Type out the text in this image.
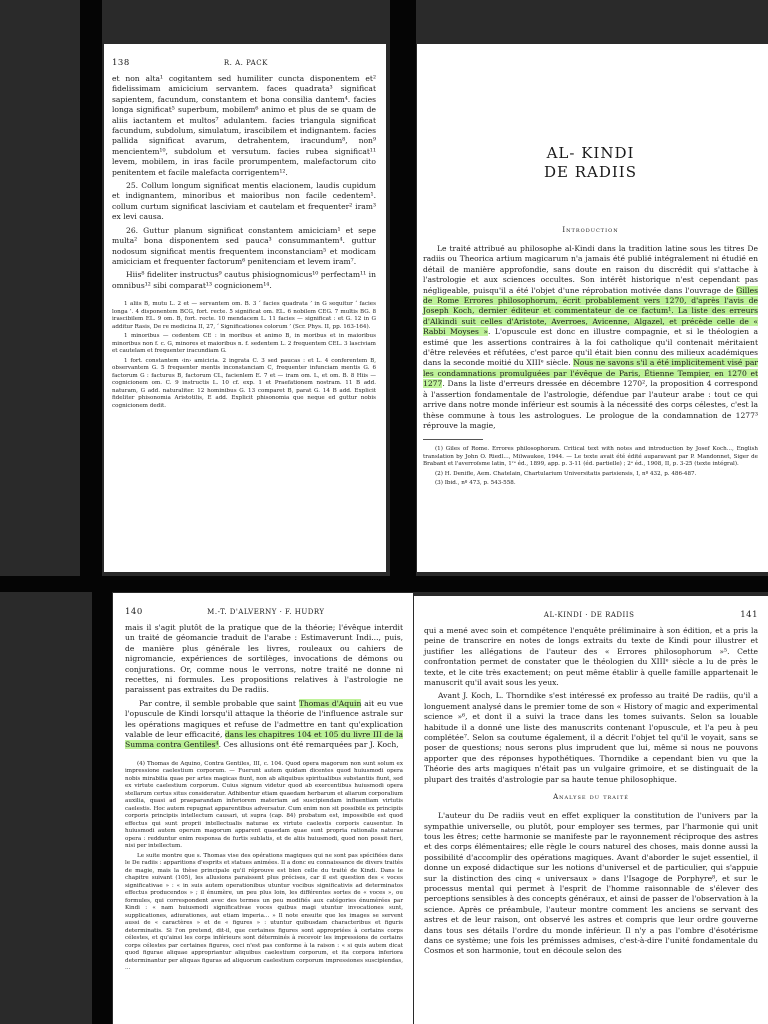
138	R. A. PACK

et non alta¹ cogitantem sed humiliter cuncta disponentem et² fidelissimam amicicium servantem. faces quadrata³ significat sapientem, facundum, constantem et bona consilia dantem⁴. facies longa significat⁵ superbum, mobilem⁶ animo et plus de se quam de aliis iactantem et multos⁷ adulantem. facies triangula significat facundum, subdolum, simulatum, irascibilem et indignantem. facies pallida significat avarum, detrahentem, iracundum⁸, non⁹ mencientem¹⁰, subdolum et versutum. facies rubea significat¹¹ levem, mobilem, in iras facile prorumpentem, malefactorum cito penitentem et facile malefacta corrigentem¹².

25. Collum longum significat mentis elacionem, laudis cupidum et indignantem, minoribus et maioribus non facile cedentem¹. collum curtum significat lasciviam et cautelam et frequenter² iram³ ex levi causa.

26. Guttur planum significat constantem amiciciam¹ et sepe multa² bona disponentem sed pauca³ consummantem⁴. guttur nodosum significat mentis frequentem inconstanciam⁵ et modicam amiciciam et frequenter factorum⁶ penitenciam et levem iram⁷.

Hiis⁸ fideliter instructus⁹ cautus phisiognomicus¹⁰ perfectam¹¹ in omnibus¹² sibi comparat¹³ cognicionem¹⁴.

1 aliis B, mutu L. 2 et — servantem om. B. 3 ‘ facies quadrata ’ in G sequitur ‘ facies longa ’. 4 disponentem BCG, fort. recte. 5 significat om. EL. 6 nobilem CEG. 7 multis BG. 8 irascibilem EL. 9 om. B, fort. recte. 10 mendacem L. 11 facies — significat : et G. 12 in G additur Rasis, De re medicina II, 27, ‘ Significationes colorum ’ (Scr. Phys. II, pp. 163-164).

1 minoribus — cedentem CE : in moribus et animo B, in moribus et in maioribus minoribus non f. c. G, minores et maioribus n. f. sedentem L. 2 frequentem CEL. 3 lasciviam et cautelam et frequenter iracundiam G.

1 fort. constantem ‹in› amicicia. 2 ingrata C. 3 sed paucas : et L. 4 conferentem B, observantem G. 5 frequenter mentis inconstanciam C, frequenter infunciam mentis G. 6 factorum G : facturus B, factorum CL, facienlem E. 7 et — iram om. L, et om. B. 8 Hiis — cognicionem om. C. 9 instructis L. 10 cf. exp. 1 et Praefationem nostram. 11 B add. naturam, G add. naturaliter. 12 hominibus G. 13 comparet B, parat G. 14 B add. Explicit fideliter phisonomia Aristotilis, E add. Explicit phisonomia que neque ed guttur nobis cognicionem dedit.

AL- KINDI
DE RADIIS
Introduction

Le traité attribué au philosophe al-Kindi dans la tradition latine sous les titres De radiis ou Theorica artium magicarum n'a jamais été publié intégralement ni étudié en détail de manière approfondie, sans doute en raison du discrédit qui s'attache à l'astrologie et aux sciences occultes. Son intérêt historique n'est cependant pas négligeable, puisqu'il a été l'objet d'une réprobation motivée dans l'ouvrage de Gilles de Rome Errores philosophorum, écrit probablement vers 1270, d'après l'avis de Joseph Koch, dernier éditeur et commentateur de ce factum¹. La liste des erreurs d'Alkindi suit celles d'Aristote, Averroes, Avicenne, Algazel, et précède celle de « Rabbi Moyses ». L'opuscule est donc en illustre compagnie, et si le théologien a estimé que les assertions contraires à la foi catholique qu'il contenait méritaient d'être relevées et réfutées, c'est parce qu'il était bien connu des milieux académiques dans la seconde moitié du XIIIᵉ siècle. Nous ne savons s'il a été implicitement visé par les condamnations promulguées par l'évêque de Paris, Étienne Tempier, en 1270 et 1277. Dans la liste d'erreurs dressée en décembre 1270², la proposition 4 correspond à l'assertion fondamentale de l'astrologie, défendue par l'auteur arabe : tout ce qui arrive dans notre monde inférieur est soumis à la nécessité des corps célestes, c'est la thèse commune à tous les astrologues. Le prologue de la condamnation de 1277³ réprouve la magie,

(1) Giles of Rome. Errores philosophorum. Critical text with notes and introduction by Josef Koch..., English translation by John O. Riedl..., Milwaukee, 1944. — Le texte avait été édité auparavant par P. Mandonnet, Siger de Brabant et l'averroïsme latin, 1ʳᵉ éd., 1899, app. p. 3-11 (éd. partielle) ; 2ᵉ éd., 1908, II, p. 3-25 (texte intégral).

(2) H. Denifle, Aem. Chatelain, Chartularium Universitatis parisiensis, I, nº 432, p. 486-487.

(3) Ibid., nº 473, p. 543-558.

140	M.-T. D'ALVERNY · F. HUDRY

mais il s'agit plutôt de la pratique que de la théorie; l'évêque interdit un traité de géomancie traduit de l'arabe : Estimaverunt Indi..., puis, de manière plus générale les livres, rouleaux ou cahiers de nigromancie, expériences de sortilèges, invocations de démons ou conjurations. Or, comme nous le verrons, notre traité ne donne ni recettes, ni formules. Les propositions relatives à l'astrologie ne paraissent pas extraites du De radiis.

Par contre, il semble probable que saint Thomas d'Aquin ait eu vue l'opuscule de Kindi lorsqu'il attaque la théorie de l'influence astrale sur les opérations magiques et refuse de l'admettre en tant qu'explication valable de leur efficacité, dans les chapitres 104 et 105 du livre III de la Summa contra Gentiles⁴. Ces allusions ont été remarquées par J. Koch,

(4) Thomas de Aquino, Contra Gentiles, III, c. 104. Quod opera magorum non sunt solum ex impressione caelestium corporum. — Fuerunt autem quidam dicentes quod huiusmodi opera nobis mirabilia quae per artes magicas fiunt, non ab aliquibus spiritualibus substantiis fiunt, sed ex virtute caelestium corporum. Cuius signum videtur quod ab exercentibus huiusmodi opera stellarum certus situs consideratur. Adhibentur etiam quaedam herbarum et aliarum corporalium auxilia, quasi ad praeparandam inferiorem materiam ad suscipiendam influentiam virtutis caelestis. Hoc autem repugnat apparentibus adversatur. Cum enim non sit possibile ex principiis corporis principiis intellectum causari, ut supra (cap. 84) probatum est, impossibile est quod effectus qui sunt proprii intellectualis naturae ex virtute caelestis corporis causentur. In huiusmodi autem operum magorum apparent quaedam quae sunt propria rationalis naturae opera : redduntur enim responsa de furtis sublatis, et de aliis huiusmodi, quod non possit fieri, nisi per intellectum.

Le suite montre que s. Thomas vise des opérations magiques qui ne sont pas spécifiées dans le De radiis : apparitions d'esprits et statues animées. Il a donc eu connaissance de divers traités de magie, mais la thèse principale qu'il réprouve est bien celle du traité de Kindi. Dans le chapitre suivant (105), les allusions paraissent plus précises, car il est question des « voces significativae » : « in suis autem operationibus utuntur vocibus significativis ad determinatos effectus producendos » ; il énumère, un peu plus loin, les différentes sortes de « voces », ou formules, qui correspondent avec des termes un peu modifiés aux catégories énumérées par Kindi : « nam huiusmodi significativae voces quibus magi utuntur invocationes sunt, supplicationes, adiurationes, aut etiam imperia... » Il note ensuite que les images se servent aussi de « caractères » et de « figures » : utuntur quibusdam characteribus et figuris determinatis. Si l'on pretend, dit-il, que certaines figures sont appropriées à certains corps célestes, et qu'ainsi les corps inférieurs sont déterminés à recevoir les impressions de certains corps célestes par certaines figures, ceci n'est pas conforme à la raison : « si quis autem dicat quod figurae aliquae appropriantur aliquibus caelestium corporum, et ita corpora inferiora determinantur per aliquas figuras ad aliquorum caelestium corporum impressiones suscipiendas, ...

AL-KINDI · DE RADIIS	141

qui a mené avec soin et compétence l'enquête préliminaire à son édition, et a pris la peine de transcrire en notes de longs extraits du texte de Kindi pour illustrer et justifier les allégations de l'auteur des « Errores philosophorum »⁵. Cette confrontation permet de constater que le théologien du XIIIᵉ siècle a lu de près le texte, et le cite très exactement; on peut même établir à quelle famille appartenait le manuscrit qu'il avait sous les yeux.

Avant J. Koch, L. Thorndike s'est intéressé ex professo au traité De radiis, qu'il a longuement analysé dans le premier tome de son « History of magic and experimental science »⁶, et dont il a suivi la trace dans les tomes suivants. Selon sa louable habitude il a donné une liste des manuscrits contenant l'opuscule, et l'a peu à peu complétée⁷. Selon sa coutume également, il a décrit l'objet tel qu'il le voyait, sans se poser de questions; nous serons plus imprudent que lui, même si nous ne pouvons apporter que des réponses hypothétiques. Thorndike a cependant bien vu que la Théorie des arts magiques n'était pas un vulgaire grimoire, et se distinguait de la plupart des traités d'astrologie par sa haute tenue philosophique.

Analyse du traité

L'auteur du De radiis veut en effet expliquer la constitution de l'univers par la sympathie universelle, ou plutôt, pour employer ses termes, par l'harmonie qui unit tous les êtres; cette harmonie se manifeste par le rayonnement réciproque des astres et des corps élémentaires; elle règle le cours naturel des choses, mais donne aussi la possibilité d'accomplir des opérations magiques. Avant d'aborder le sujet essentiel, il donne un exposé didactique sur les notions d'universel et de particulier, qui s'appuie sur la distinction des cinq « universaux » dans l'Isagoge de Porphyre⁸, et sur le processus mental qui permet à l'esprit de l'homme raisonnable de s'élever des perceptions sensibles à des concepts généraux, et ainsi de passer de l'observation à la science. Après ce préambule, l'auteur montre comment les anciens se servant des astres et de leur raison, ont observé les astres et compris que leur ordre gouverne dans tous ses détails l'ordre du monde inférieur. Il n'y a pas l'ombre d'ésotérisme dans ce système; une fois les prémisses admises, c'est-à-dire l'unité fondamentale du Cosmos et son harmonie, tout en découle selon des
